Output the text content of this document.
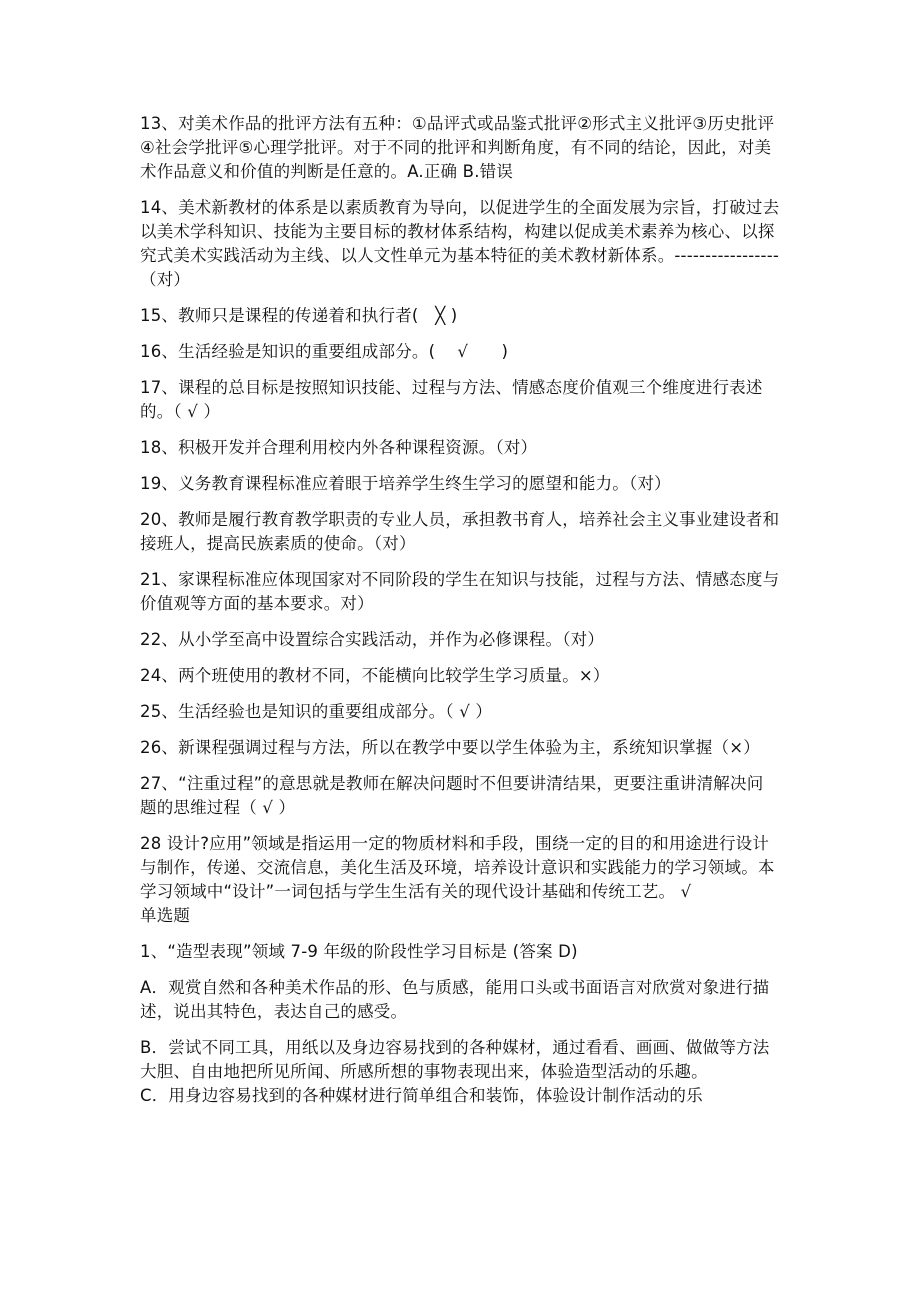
13、对美术作品的批评方法有五种：①品评式或品鉴式批评②形式主义批评③历史批评④社会学批评⑤心理学批评。对于不同的批评和判断角度，有不同的结论，因此，对美术作品意义和价值的判断是任意的。A.正确 B.错误
14、美术新教材的体系是以素质教育为导向，以促进学生的全面发展为宗旨，打破过去以美术学科知识、技能为主要目标的教材体系结构，构建以促成美术素养为核心、以探究式美术实践活动为主线、以人文性单元为基本特征的美术教材新体系。-----------------（对）
15、教师只是课程的传递着和执行者(　╳ )
16、生活经验是知识的重要组成部分。(　 √　　)
17、课程的总目标是按照知识技能、过程与方法、情感态度价值观三个维度进行表述的。（ √ ）
18、积极开发并合理利用校内外各种课程资源。（对）
19、义务教育课程标准应着眼于培养学生终生学习的愿望和能力。（对）
20、教师是履行教育教学职责的专业人员，承担教书育人，培养社会主义事业建设者和接班人，提高民族素质的使命。（对）
21、家课程标准应体现国家对不同阶段的学生在知识与技能，过程与方法、情感态度与价值观等方面的基本要求。对）
22、从小学至高中设置综合实践活动，并作为必修课程。（对）
24、两个班使用的教材不同，不能横向比较学生学习质量。×）
25、生活经验也是知识的重要组成部分。（ √ ）
26、新课程强调过程与方法，所以在教学中要以学生体验为主，系统知识掌握（×）
27、“注重过程”的意思就是教师在解决问题时不但要讲清结果，更要注重讲清解决问题的思维过程（ √ ）
28 设计?应用”领域是指运用一定的物质材料和手段，围绕一定的目的和用途进行设计与制作，传递、交流信息，美化生活及环境，培养设计意识和实践能力的学习领域。本学习领域中“设计”一词包括与学生生活有关的现代设计基础和传统工艺。 √
单选题
1、“造型表现”领域 7-9 年级的阶段性学习目标是 (答案 D)
A．观赏自然和各种美术作品的形、色与质感，能用口头或书面语言对欣赏对象进行描述，说出其特色，表达自己的感受。
B．尝试不同工具，用纸以及身边容易找到的各种媒材，通过看看、画画、做做等方法大胆、自由地把所见所闻、所感所想的事物表现出来，体验造型活动的乐趣。
C．用身边容易找到的各种媒材进行简单组合和装饰，体验设计制作活动的乐
